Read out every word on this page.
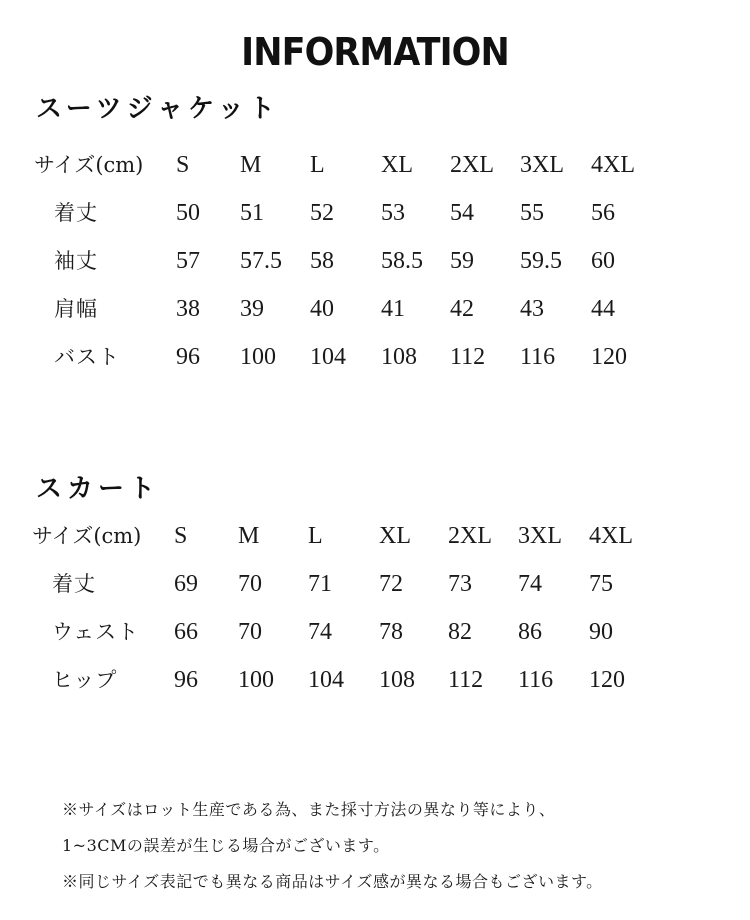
INFORMATION
スーツジャケット
サイズ(cm) S M L XL 2XL 3XL 4XL
着丈	50 51 52 53 54 55 56
袖丈	57 57.5 58 58.5 59 59.5 60
肩幅	38 39 40 41 42 43 44
バスト 96 100 104 108 112 116 120
スカート
サイズ(cm) S M L XL 2XL 3XL 4XL
着丈	69 70 71 72 73 74 75
ウェスト 66 70 74 78 82 86 90
ヒップ 96 100 104 108 112 116 120
※サイズはロット生産である為、また採寸方法の異なり等により、
1~3CMの誤差が生じる場合がございます。
※同じサイズ表記でも異なる商品はサイズ感が異なる場合もございます。
